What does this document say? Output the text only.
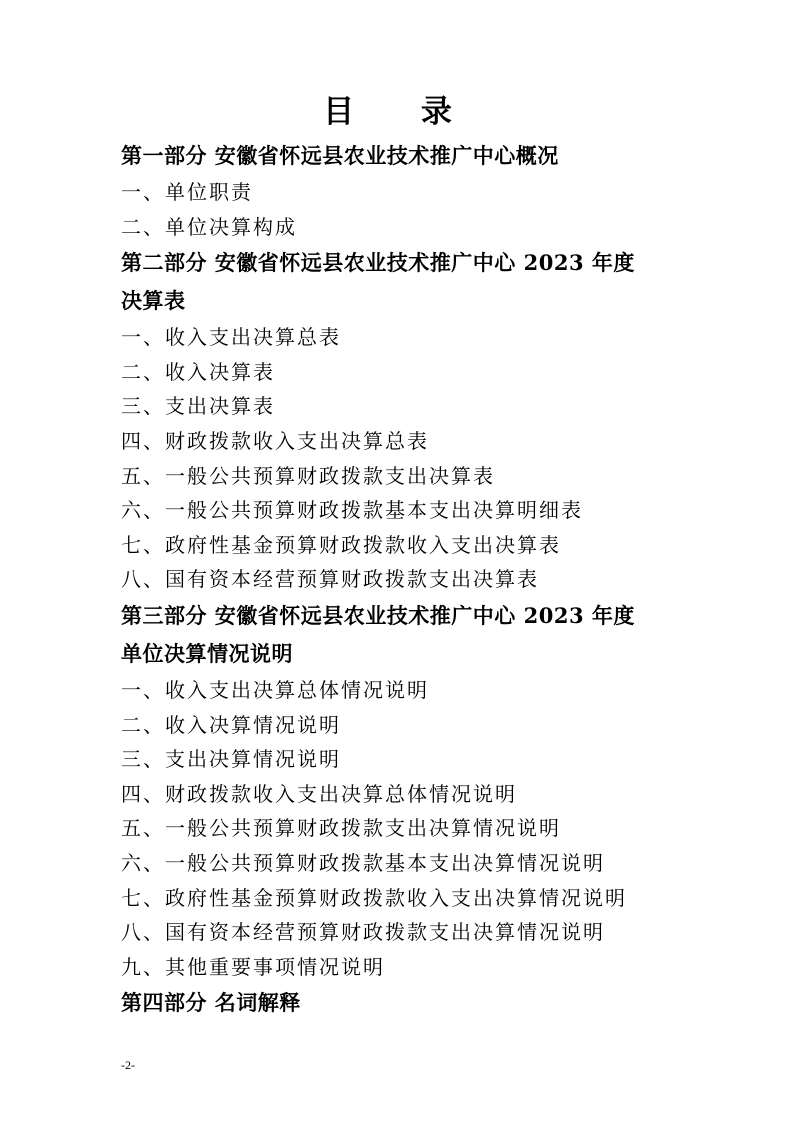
目 录
第一部分 安徽省怀远县农业技术推广中心概况
一、单位职责
二、单位决算构成
第二部分 安徽省怀远县农业技术推广中心 2023 年度
决算表
一、收入支出决算总表
二、收入决算表
三、支出决算表
四、财政拨款收入支出决算总表
五、一般公共预算财政拨款支出决算表
六、一般公共预算财政拨款基本支出决算明细表
七、政府性基金预算财政拨款收入支出决算表
八、国有资本经营预算财政拨款支出决算表
第三部分 安徽省怀远县农业技术推广中心 2023 年度
单位决算情况说明
一、收入支出决算总体情况说明
二、收入决算情况说明
三、支出决算情况说明
四、财政拨款收入支出决算总体情况说明
五、一般公共预算财政拨款支出决算情况说明
六、一般公共预算财政拨款基本支出决算情况说明
七、政府性基金预算财政拨款收入支出决算情况说明
八、国有资本经营预算财政拨款支出决算情况说明
九、其他重要事项情况说明
第四部分 名词解释
-2-
